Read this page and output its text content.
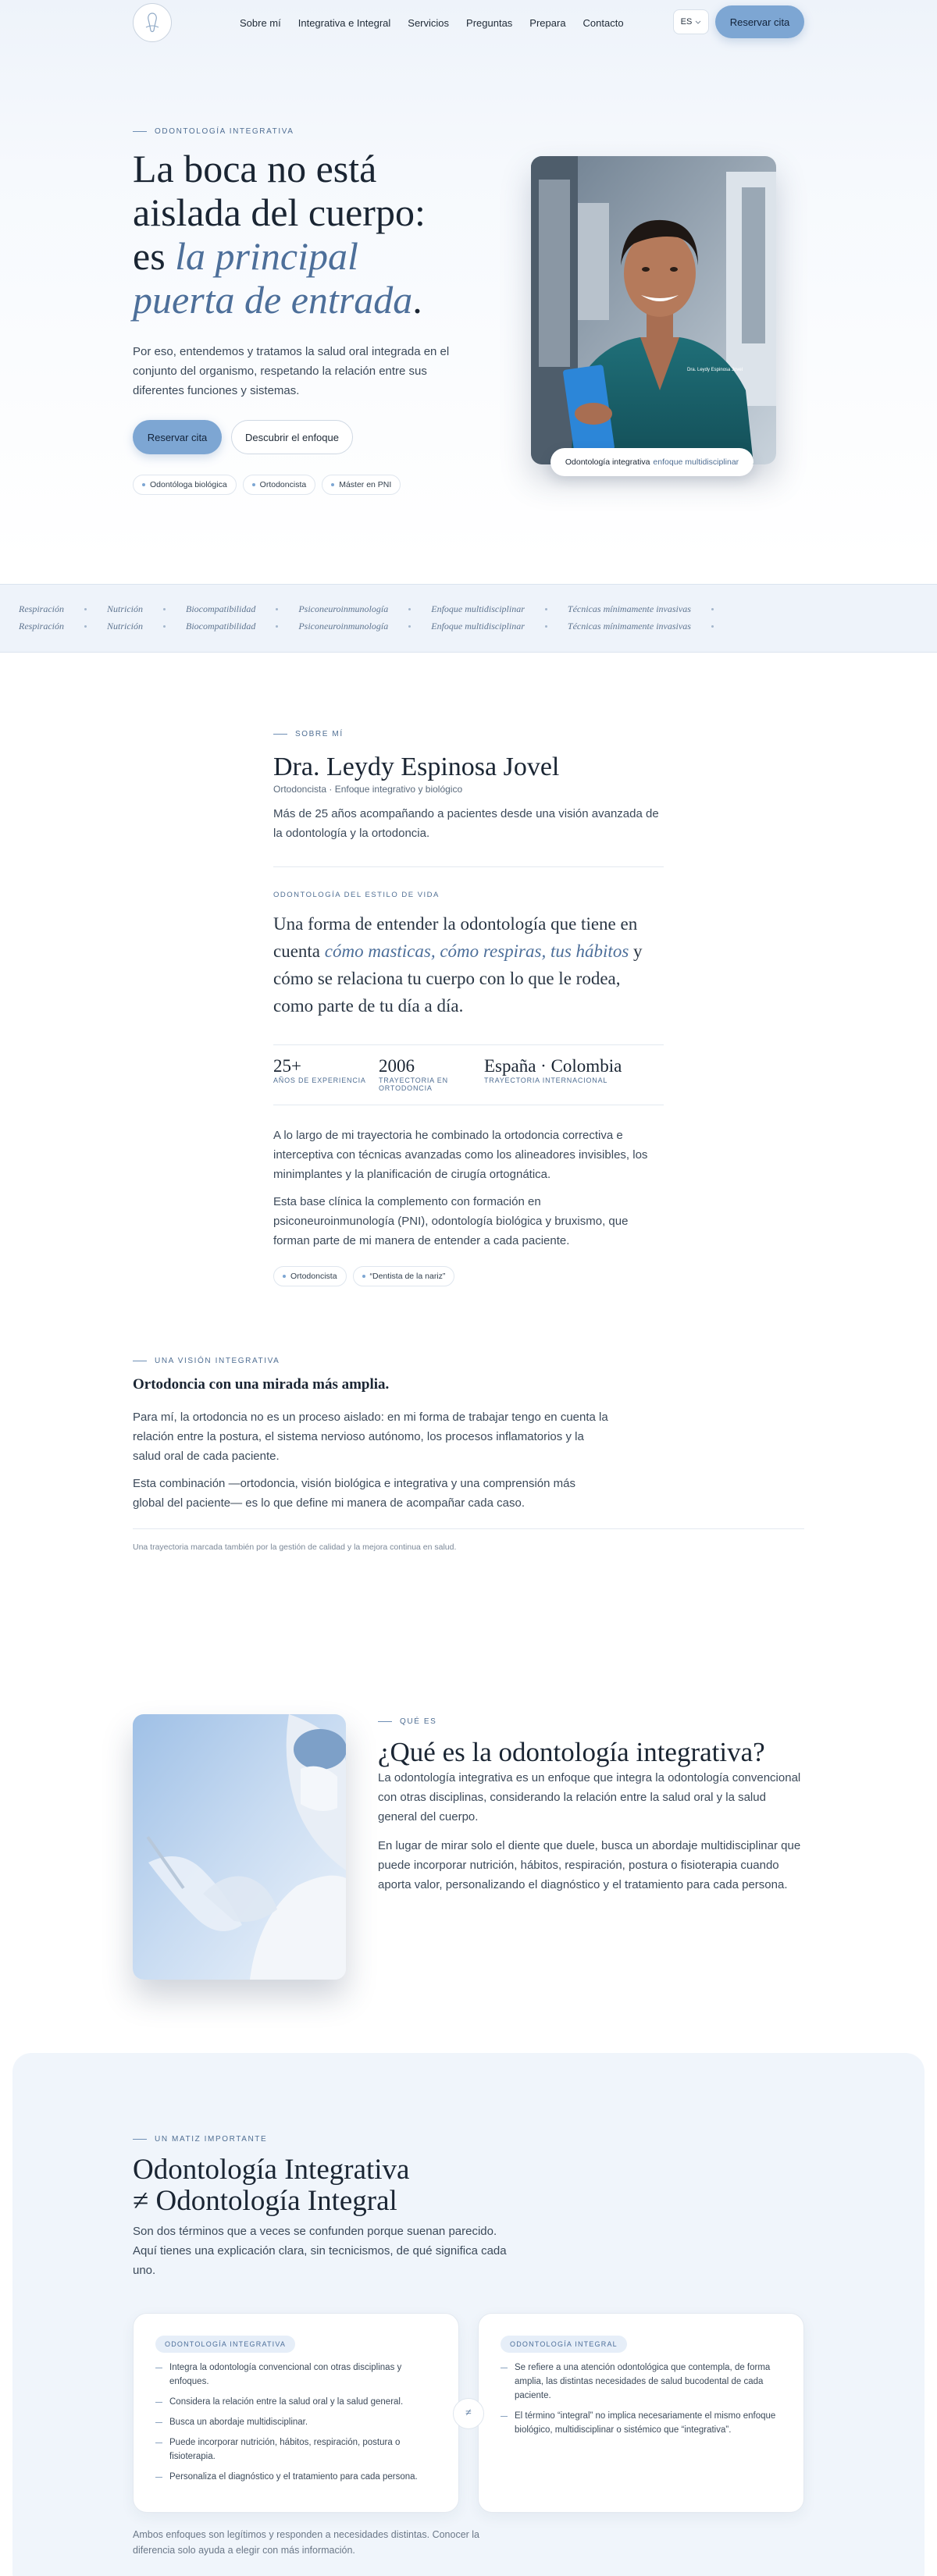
Sobre mí Integrativa e Integral Servicios Preguntas Prepara Contacto	ES	Reservar cita
ODONTOLOGÍA INTEGRATIVA
La boca no está
aislada del cuerpo:
es la principal
puerta de entrada.

Por eso, entendemos y tratamos la salud oral integrada en el conjunto del organismo, respetando la relación entre sus diferentes funciones y sistemas.

Reservar cita	Descubrir el enfoque
Odontóloga biológica	Ortodoncista	Máster en PNI
Dra. Leydy Espinosa Jovel
Odontología integrativa enfoque multidisciplinar
Respiración	Nutrición	Biocompatibilidad	Psiconeuroinmunología	Enfoque multidisciplinar	Técnicas mínimamente invasivas
Respiración	Nutrición	Biocompatibilidad	Psiconeuroinmunología	Enfoque multidisciplinar	Técnicas mínimamente invasivas
SOBRE MÍ
Dra. Leydy Espinosa Jovel
Ortodoncista · Enfoque integrativo y biológico

Más de 25 años acompañando a pacientes desde una visión avanzada de la odontología y la ortodoncia.

ODONTOLOGÍA DEL ESTILO DE VIDA

Una forma de entender la odontología que tiene en cuenta cómo masticas, cómo respiras, tus hábitos y cómo se relaciona tu cuerpo con lo que le rodea, como parte de tu día a día.

25+
AÑOS DE EXPERIENCIA
2006
TRAYECTORIA EN ORTODONCIA
España · Colombia
TRAYECTORIA INTERNACIONAL

A lo largo de mi trayectoria he combinado la ortodoncia correctiva e interceptiva con técnicas avanzadas como los alineadores invisibles, los minimplantes y la planificación de cirugía ortognática.

Esta base clínica la complemento con formación en psiconeuroinmunología (PNI), odontología biológica y bruxismo, que forman parte de mi manera de entender a cada paciente.

Ortodoncista	“Dentista de la nariz”
UNA VISIÓN INTEGRATIVA
Ortodoncia con una mirada más amplia.

Para mí, la ortodoncia no es un proceso aislado: en mi forma de trabajar tengo en cuenta la relación entre la postura, el sistema nervioso autónomo, los procesos inflamatorios y la salud oral de cada paciente.

Esta combinación —ortodoncia, visión biológica e integrativa y una comprensión más global del paciente— es lo que define mi manera de acompañar cada caso.

Una trayectoria marcada también por la gestión de calidad y la mejora continua en salud.

QUÉ ES
¿Qué es la odontología integrativa?

La odontología integrativa es un enfoque que integra la odontología convencional con otras disciplinas, considerando la relación entre la salud oral y la salud general del cuerpo.

En lugar de mirar solo el diente que duele, busca un abordaje multidisciplinar que puede incorporar nutrición, hábitos, respiración, postura o fisioterapia cuando aporta valor, personalizando el diagnóstico y el tratamiento para cada persona.

UN MATIZ IMPORTANTE
Odontología Integrativa
≠ Odontología Integral

Son dos términos que a veces se confunden porque suenan parecido. Aquí tienes una explicación clara, sin tecnicismos, de qué significa cada uno.

ODONTOLOGÍA INTEGRATIVA
Integra la odontología convencional con otras disciplinas y enfoques.
Considera la relación entre la salud oral y la salud general.
Busca un abordaje multidisciplinar.
Puede incorporar nutrición, hábitos, respiración, postura o fisioterapia.
Personaliza el diagnóstico y el tratamiento para cada persona.
≠
ODONTOLOGÍA INTEGRAL
Se refiere a una atención odontológica que contempla, de forma amplia, las distintas necesidades de salud bucodental de cada paciente.
El término “integral” no implica necesariamente el mismo enfoque biológico, multidisciplinar o sistémico que “integrativa”.

Ambos enfoques son legítimos y responden a necesidades distintas. Conocer la diferencia solo ayuda a elegir con más información.
